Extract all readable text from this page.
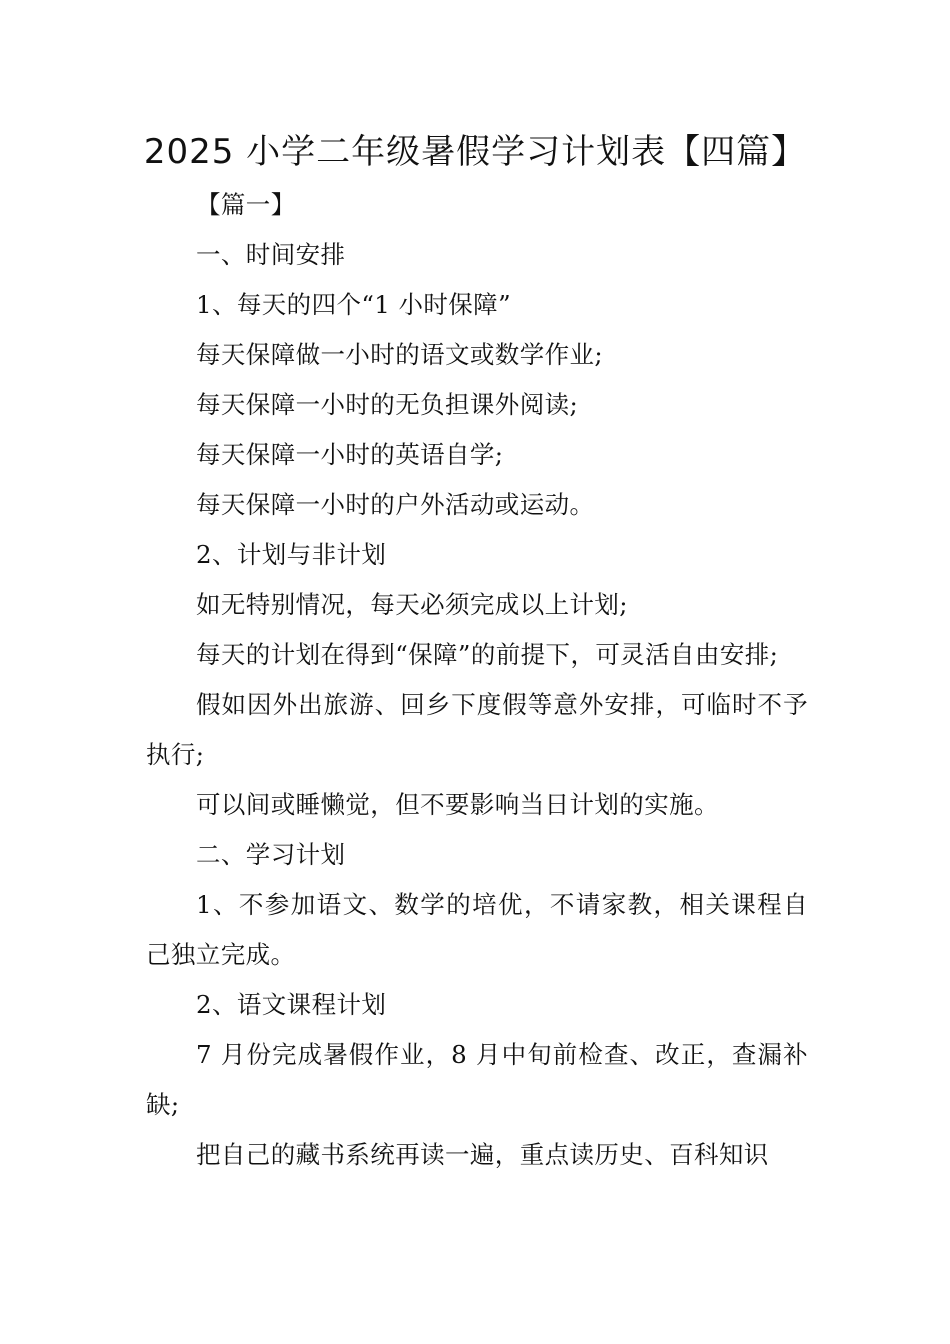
2025 小学二年级暑假学习计划表【四篇】

【篇一】

一、时间安排

1、每天的四个“1 小时保障”

每天保障做一小时的语文或数学作业;

每天保障一小时的无负担课外阅读;

每天保障一小时的英语自学;

每天保障一小时的户外活动或运动。

2、计划与非计划

如无特别情况，每天必须完成以上计划;

每天的计划在得到“保障”的前提下，可灵活自由安排;

假如因外出旅游、回乡下度假等意外安排，可临时不予执行;

可以间或睡懒觉，但不要影响当日计划的实施。

二、学习计划

1、不参加语文、数学的培优，不请家教，相关课程自己独立完成。

2、语文课程计划

7 月份完成暑假作业，8 月中旬前检查、改正，查漏补缺;

把自己的藏书系统再读一遍，重点读历史、百科知识
